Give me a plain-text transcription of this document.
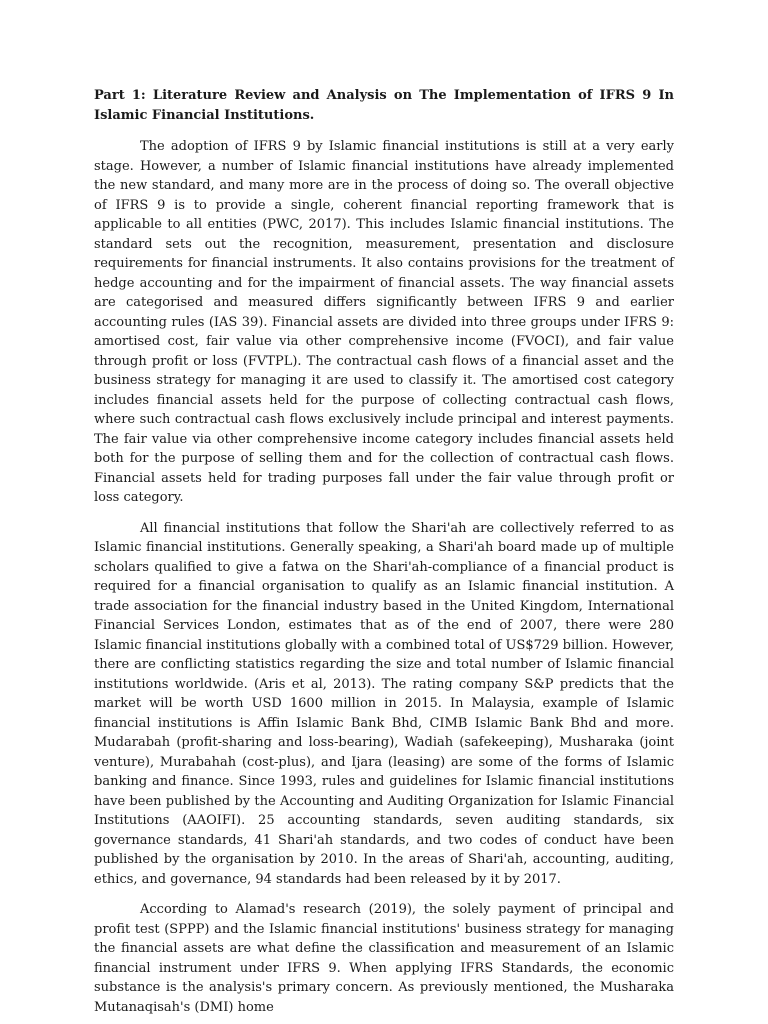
Part 1: Literature Review and Analysis on The Implementation of IFRS 9 In Islamic Financial Institutions.

The adoption of IFRS 9 by Islamic financial institutions is still at a very early stage. However, a number of Islamic financial institutions have already implemented the new standard, and many more are in the process of doing so. The overall objective of IFRS 9 is to provide a single, coherent financial reporting framework that is applicable to all entities (PWC, 2017). This includes Islamic financial institutions. The standard sets out the recognition, measurement, presentation and disclosure requirements for financial instruments. It also contains provisions for the treatment of hedge accounting and for the impairment of financial assets. The way financial assets are categorised and measured differs significantly between IFRS 9 and earlier accounting rules (IAS 39). Financial assets are divided into three groups under IFRS 9: amortised cost, fair value via other comprehensive income (FVOCI), and fair value through profit or loss (FVTPL). The contractual cash flows of a financial asset and the business strategy for managing it are used to classify it. The amortised cost category includes financial assets held for the purpose of collecting contractual cash flows, where such contractual cash flows exclusively include principal and interest payments. The fair value via other comprehensive income category includes financial assets held both for the purpose of selling them and for the collection of contractual cash flows. Financial assets held for trading purposes fall under the fair value through profit or loss category.

All financial institutions that follow the Shari'ah are collectively referred to as Islamic financial institutions. Generally speaking, a Shari'ah board made up of multiple scholars qualified to give a fatwa on the Shari'ah-compliance of a financial product is required for a financial organisation to qualify as an Islamic financial institution. A trade association for the financial industry based in the United Kingdom, International Financial Services London, estimates that as of the end of 2007, there were 280 Islamic financial institutions globally with a combined total of US$729 billion. However, there are conflicting statistics regarding the size and total number of Islamic financial institutions worldwide. (Aris et al, 2013). The rating company S&P predicts that the market will be worth USD 1600 million in 2015. In Malaysia, example of Islamic financial institutions is Affin Islamic Bank Bhd, CIMB Islamic Bank Bhd and more. Mudarabah (profit-sharing and loss-bearing), Wadiah (safekeeping), Musharaka (joint venture), Murabahah (cost-plus), and Ijara (leasing) are some of the forms of Islamic banking and finance. Since 1993, rules and guidelines for Islamic financial institutions have been published by the Accounting and Auditing Organization for Islamic Financial Institutions (AAOIFI). 25 accounting standards, seven auditing standards, six governance standards, 41 Shari'ah standards, and two codes of conduct have been published by the organisation by 2010. In the areas of Shari'ah, accounting, auditing, ethics, and governance, 94 standards had been released by it by 2017.

According to Alamad's research (2019), the solely payment of principal and profit test (SPPP) and the Islamic financial institutions' business strategy for managing the financial assets are what define the classification and measurement of an Islamic financial instrument under IFRS 9. When applying IFRS Standards, the economic substance is the analysis's primary concern. As previously mentioned, the Musharaka Mutanaqisah's (DMI) home
